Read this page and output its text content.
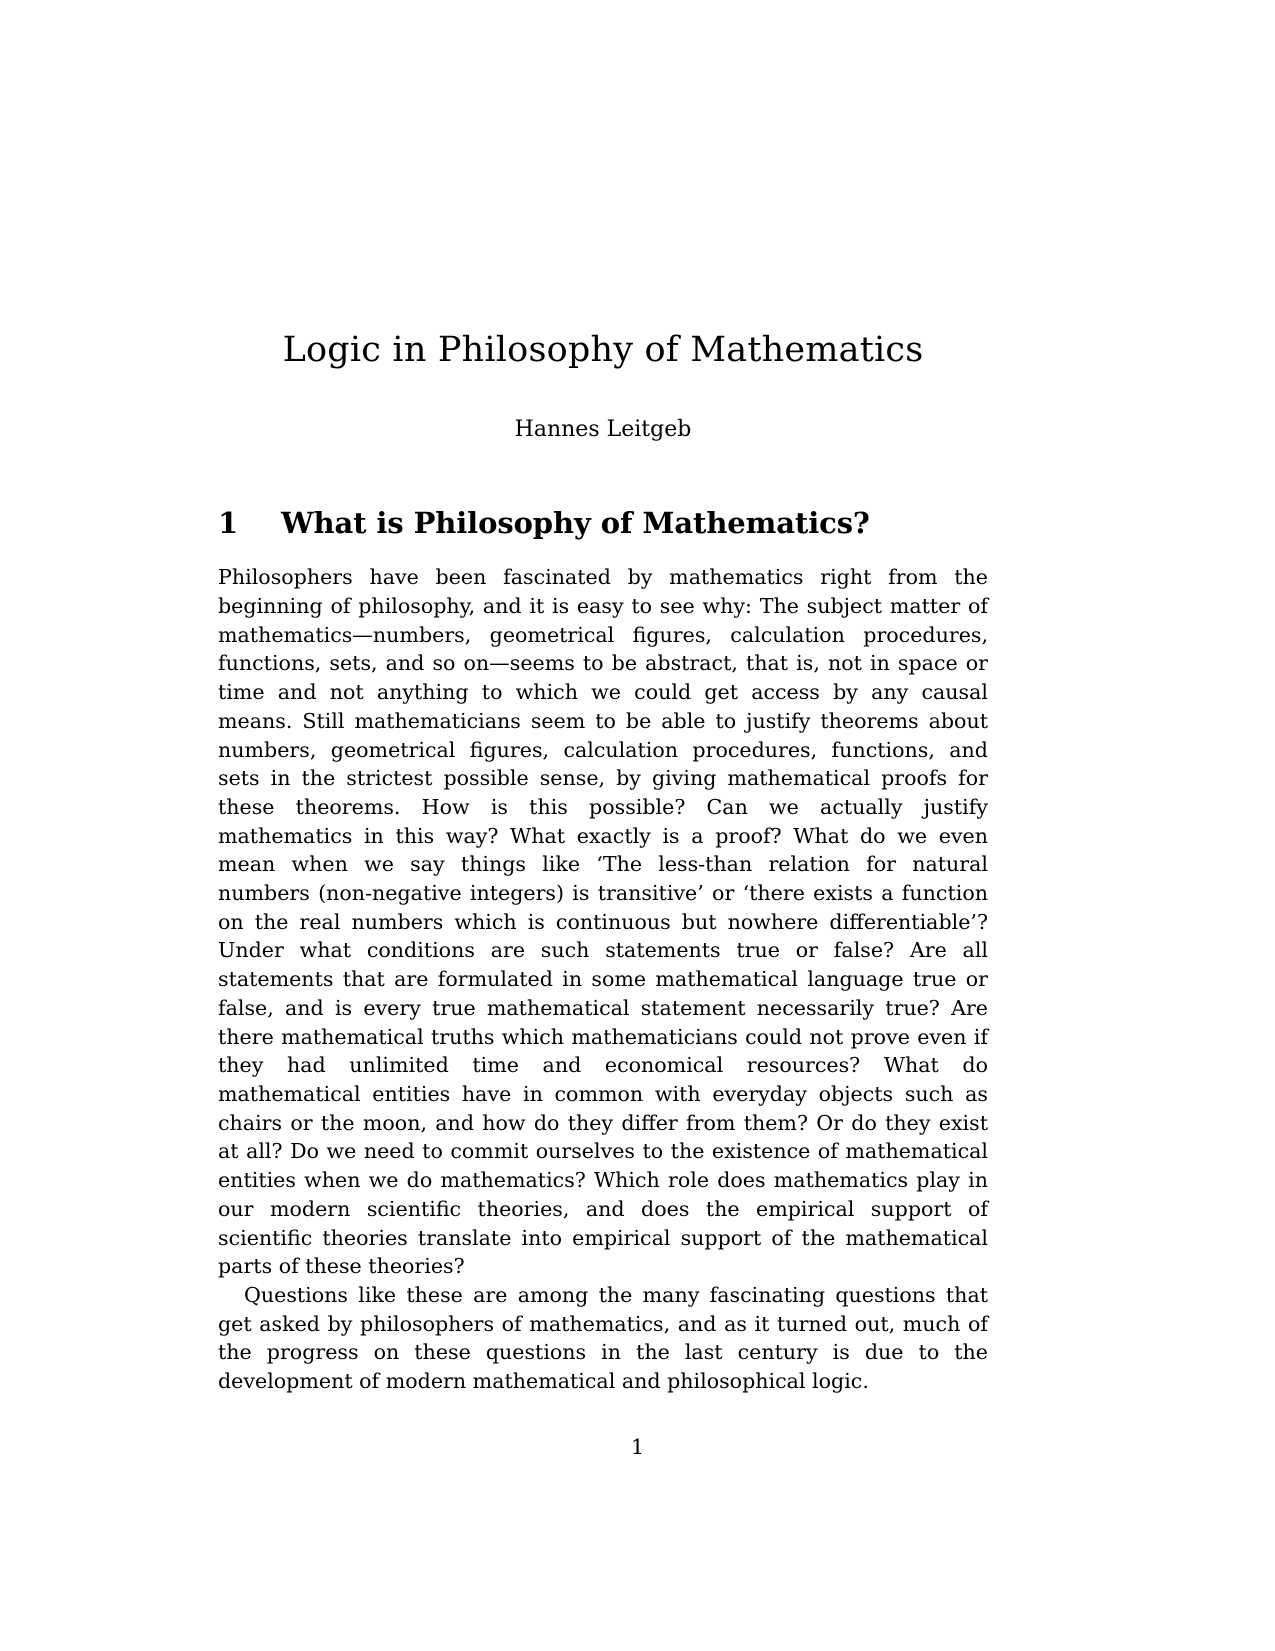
Logic in Philosophy of Mathematics
Hannes Leitgeb
1 What is Philosophy of Mathematics?

Philosophers have been fascinated by mathematics right from the beginning of philosophy, and it is easy to see why: The subject matter of mathematics—numbers, geometrical figures, calculation procedures, functions, sets, and so on—seems to be abstract, that is, not in space or time and not anything to which we could get access by any causal means. Still mathematicians seem to be able to justify theorems about numbers, geometrical figures, calculation procedures, functions, and sets in the strictest possible sense, by giving mathematical proofs for these theorems. How is this possible? Can we actually justify mathematics in this way? What exactly is a proof? What do we even mean when we say things like ‘The less-than relation for natural numbers (non-negative integers) is transitive’ or ‘there exists a function on the real numbers which is continuous but nowhere differentiable’? Under what conditions are such statements true or false? Are all statements that are formulated in some mathematical language true or false, and is every true mathematical statement necessarily true? Are there mathematical truths which mathematicians could not prove even if they had unlimited time and economical resources? What do mathematical entities have in common with everyday objects such as chairs or the moon, and how do they differ from them? Or do they exist at all? Do we need to commit ourselves to the existence of mathematical entities when we do mathematics? Which role does mathematics play in our modern scientific theories, and does the empirical support of scientific theories translate into empirical support of the mathematical parts of these theories?

Questions like these are among the many fascinating questions that get asked by philosophers of mathematics, and as it turned out, much of the progress on these questions in the last century is due to the development of modern mathematical and philosophical logic.

1
